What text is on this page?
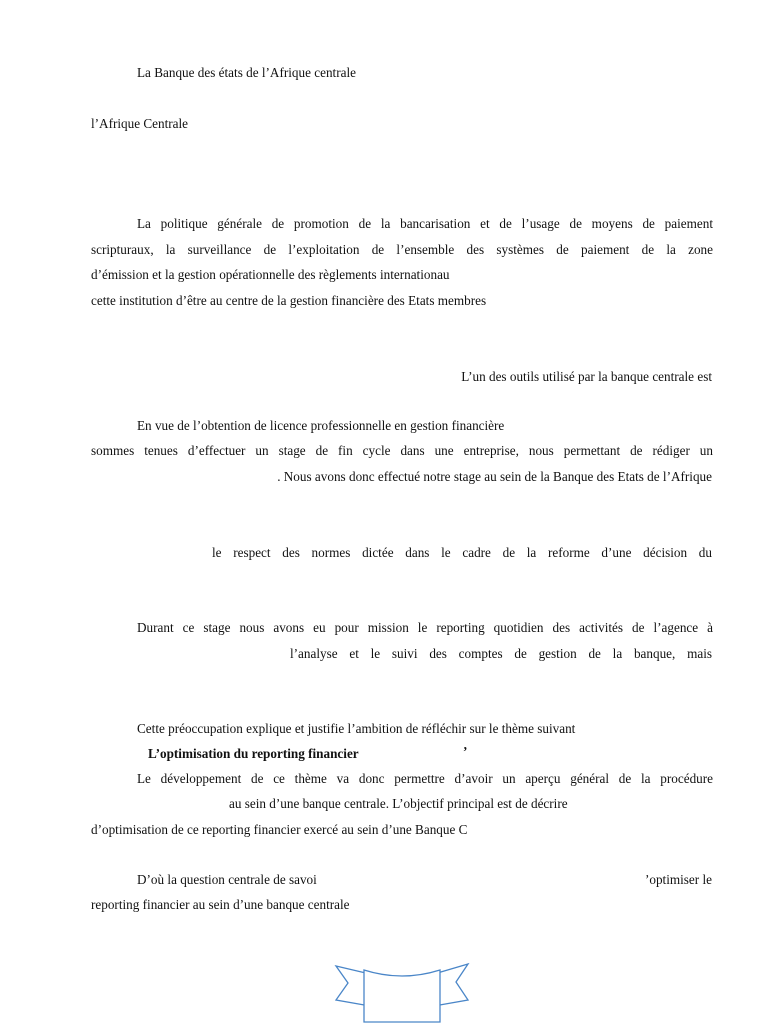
La Banque des états de l’Afrique centrale

l’Afrique Centrale

La politique générale de promotion de la bancarisation et de l’usage de moyens de paiement

scripturaux, la surveillance de l’exploitation de l’ensemble des systèmes de paiement de la zone

d’émission et la gestion opérationnelle des règlements internationau

cette institution d’être au centre de la gestion financière des Etats membres

L’un des outils utilisé par la banque centrale est

En vue de l’obtention de licence professionnelle en gestion financière

sommes tenues d’effectuer un stage de fin cycle dans une entreprise, nous permettant de rédiger un

. Nous avons donc effectué notre stage au sein de la Banque des Etats de l’Afrique

le respect des normes dictée dans le cadre de la reforme d’une décision du

Durant ce stage nous avons eu pour mission le reporting quotidien des activités de l’agence à

l’analyse et le suivi des comptes de gestion de la banque, mais

Cette préoccupation explique et justifie l’ambition de réfléchir sur le thème suivant

L’optimisation du reporting financier	’

Le développement de ce thème va donc permettre d’avoir un aperçu général de la procédure

au sein d’une banque centrale. L’objectif principal est de décrire

d’optimisation de ce reporting financier exercé au sein d’une Banque C

D’où la question centrale de savoi	’optimiser le

reporting financier au sein d’une banque centrale
